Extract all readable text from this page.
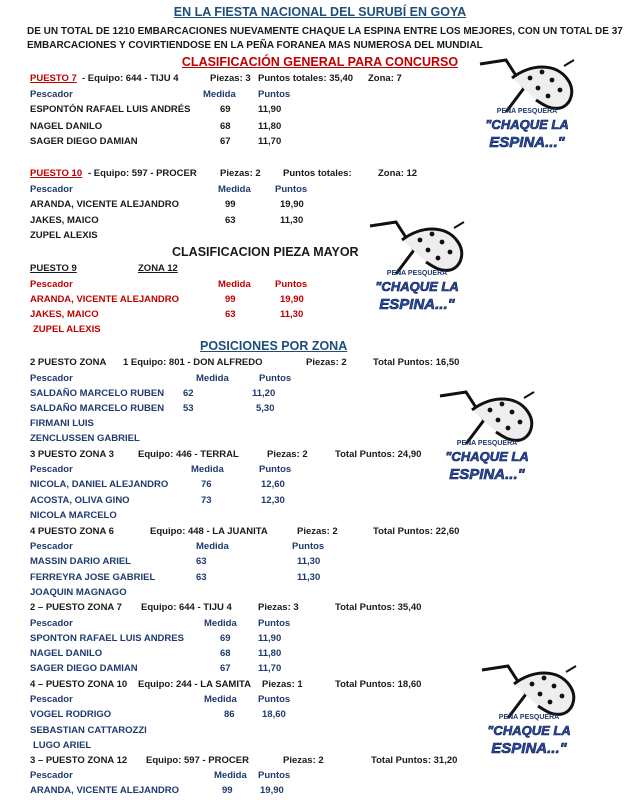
EN LA FIESTA NACIONAL DEL SURUBÍ EN GOYA
DE UN TOTAL DE 1210 EMBARCACIONES NUEVAMENTE CHAQUE LA ESPINA ENTRE LOS MEJORES, CON UN TOTAL DE 37
EMBARCACIONES Y COVIRTIENDOSE EN LA PEÑA FORANEA MAS NUMEROSA DEL MUNDIAL
CLASIFICACIÓN GENERAL PARA CONCURSO
PUESTO 7 - Equipo: 644 - TIJU 4	Piezas: 3 Puntos totales: 35,40 Zona: 7
Pescador	Medida Puntos
ESPONTÓN RAFAEL LUIS ANDRÉS	69	11,90
NAGEL DANILO	68	11,80
SAGER DIEGO DAMIAN	67	11,70
PUESTO 10 - Equipo: 597 - PROCER Piezas: 2 Puntos totales:	Zona: 12
Pescador	Medida	Puntos
ARANDA, VICENTE ALEJANDRO	99	19,90
JAKES, MAICO	63	11,30
ZUPEL ALEXIS
CLASIFICACION PIEZA MAYOR
PUESTO 9	ZONA 12
Pescador	Medida	Puntos
ARANDA, VICENTE ALEJANDRO	99	19,90
JAKES, MAICO	63	11,30
ZUPEL ALEXIS
POSICIONES POR ZONA
2 PUESTO ZONA 1 Equipo: 801 - DON ALFREDO	Piezas: 2	Total Puntos: 16,50
Pescador	Medida	Puntos
SALDAÑO MARCELO RUBEN 62	11,20
SALDAÑO MARCELO RUBEN 53	5,30
FIRMANI LUIS
ZENCLUSSEN GABRIEL
3 PUESTO ZONA 3	Equipo: 446 - TERRAL	Piezas: 2	Total Puntos: 24,90
Pescador	Medida	Puntos
NICOLA, DANIEL ALEJANDRO	76	12,60
ACOSTA, OLIVA GINO	73	12,30
NICOLA MARCELO
4 PUESTO ZONA 6	Equipo: 448 - LA JUANITA	Piezas: 2	Total Puntos: 22,60
Pescador	Medida	Puntos
MASSIN DARIO ARIEL	63	11,30
FERREYRA JOSE GABRIEL	63	11,30
JOAQUIN MAGNAGO
2 – PUESTO ZONA 7 Equipo: 644 - TIJU 4	Piezas: 3	Total Puntos: 35,40
Pescador	Medida Puntos
SPONTON RAFAEL LUIS ANDRES	69	11,90
NAGEL DANILO	68	11,80
SAGER DIEGO DAMIAN	67	11,70
4 – PUESTO ZONA 10 Equipo: 244 - LA SAMITA Piezas: 1	Total Puntos: 18,60
Pescador	Medida Puntos
VOGEL RODRIGO	86	18,60
SEBASTIAN CATTAROZZI
LUGO ARIEL
3 – PUESTO ZONA 12 Equipo: 597 - PROCER	Piezas: 2	Total Puntos: 31,20
Pescador	Medida Puntos
ARANDA, VICENTE ALEJANDRO	99	19,90
PEÑA PESQUERA
"CHAQUE LA
ESPINA..."
PEÑA PESQUERA
"CHAQUE LA
ESPINA..."
PEÑA PESQUERA
"CHAQUE LA
ESPINA..."
PEÑA PESQUERA
"CHAQUE LA
ESPINA..."
